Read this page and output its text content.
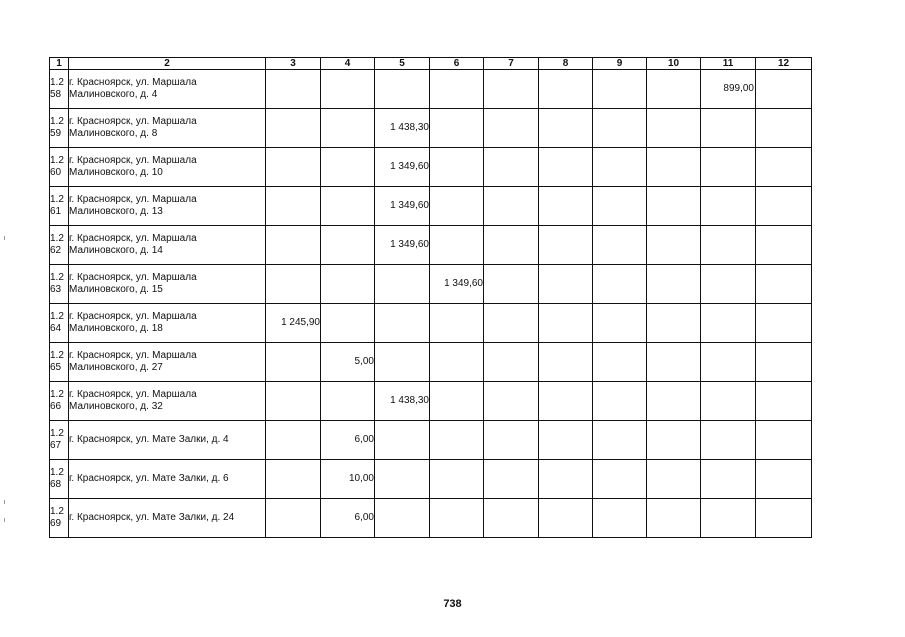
1	2	3	4	5	6	7	8	9	10	11	12

1.2
58	г. Красноярск, ул. Маршала
Малиновского, д. 4									899,00	

1.2
59	г. Красноярск, ул. Маршала
Малиновского, д. 8			1 438,30							

1.2
60	г. Красноярск, ул. Маршала
Малиновского, д. 10			1 349,60							

1.2
61	г. Красноярск, ул. Маршала
Малиновского, д. 13			1 349,60							

1.2
62	г. Красноярск, ул. Маршала
Малиновского, д. 14			1 349,60							

1.2
63	г. Красноярск, ул. Маршала
Малиновского, д. 15				1 349,60						

1.2
64	г. Красноярск, ул. Маршала
Малиновского, д. 18	1 245,90									

1.2
65	г. Красноярск, ул. Маршала
Малиновского, д. 27		5,00								

1.2
66	г. Красноярск, ул. Маршала
Малиновского, д. 32			1 438,30							

1.2
67	г. Красноярск, ул. Мате Залки, д. 4		6,00								

1.2
68	г. Красноярск, ул. Мате Залки, д. 6		10,00								

1.2
69	г. Красноярск, ул. Мате Залки, д. 24		6,00								
738
